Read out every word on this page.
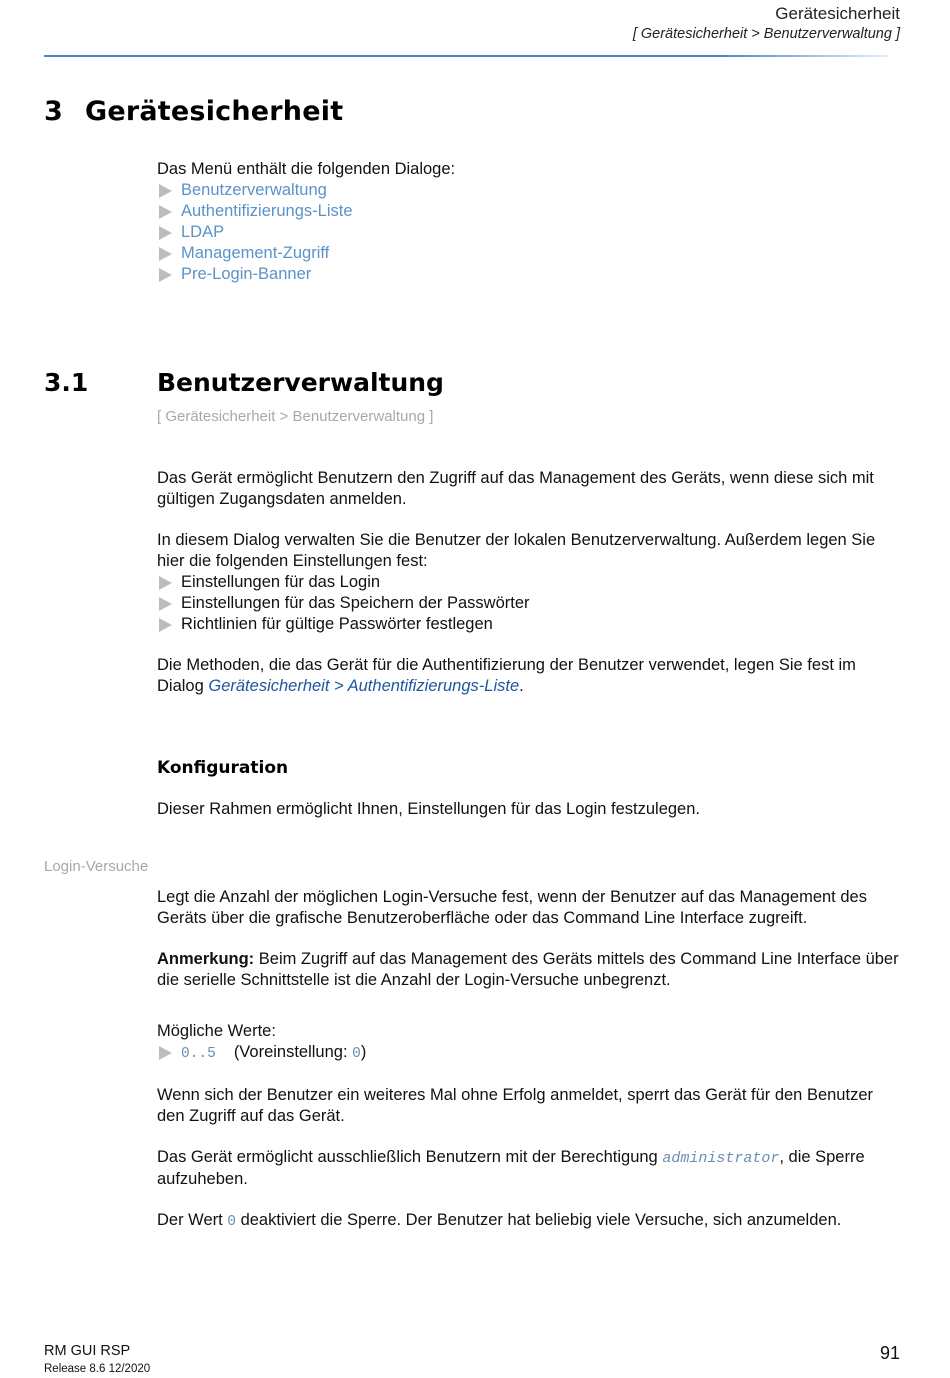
Gerätesicherheit
[ Gerätesicherheit > Benutzerverwaltung ]
3 Gerätesicherheit

Das Menü enthält die folgenden Dialoge:

Benutzerverwaltung
Authentifizierungs-Liste
LDAP
Management-Zugriff
Pre-Login-Banner
3.1	Benutzerverwaltung
[ Gerätesicherheit > Benutzerverwaltung ]

Das Gerät ermöglicht Benutzern den Zugriff auf das Management des Geräts, wenn diese sich mit gültigen Zugangsdaten anmelden.

In diesem Dialog verwalten Sie die Benutzer der lokalen Benutzerverwaltung. Außerdem legen Sie hier die folgenden Einstellungen fest:

Einstellungen für das Login
Einstellungen für das Speichern der Passwörter
Richtlinien für gültige Passwörter festlegen

Die Methoden, die das Gerät für die Authentifizierung der Benutzer verwendet, legen Sie fest im Dialog Gerätesicherheit > Authentifizierungs-Liste.

Konfiguration
Dieser Rahmen ermöglicht Ihnen, Einstellungen für das Login festzulegen.
Login-Versuche

Legt die Anzahl der möglichen Login-Versuche fest, wenn der Benutzer auf das Management des Geräts über die grafische Benutzeroberfläche oder das Command Line Interface zugreift.

Anmerkung: Beim Zugriff auf das Management des Geräts mittels des Command Line Interface über die serielle Schnittstelle ist die Anzahl der Login-Versuche unbegrenzt.

Mögliche Werte:

0..5 (Voreinstellung: 0)

Wenn sich der Benutzer ein weiteres Mal ohne Erfolg anmeldet, sperrt das Gerät für den Benutzer den Zugriff auf das Gerät.

Das Gerät ermöglicht ausschließlich Benutzern mit der Berechtigung administrator, die Sperre aufzuheben.

Der Wert 0 deaktiviert die Sperre. Der Benutzer hat beliebig viele Versuche, sich anzumelden.

RM GUI RSP
Release 8.6 12/2020
91
